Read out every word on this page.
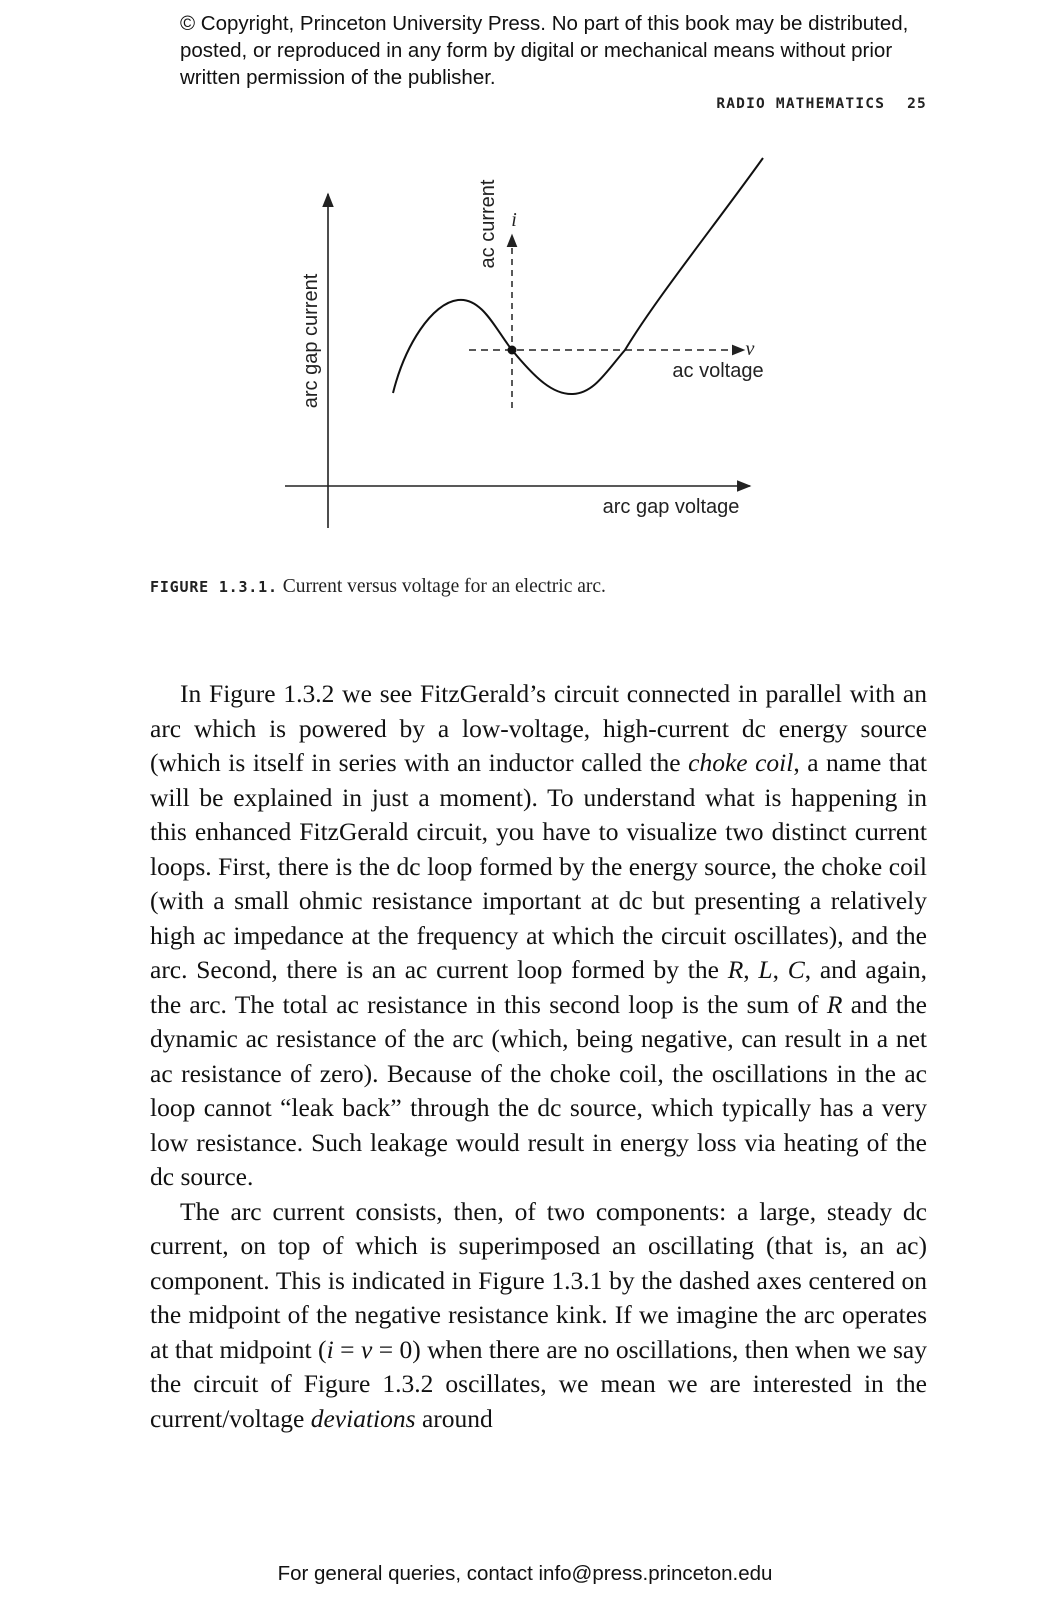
© Copyright, Princeton University Press. No part of this book may be distributed, posted, or reproduced in any form by digital or mechanical means without prior written permission of the publisher.
RADIO MATHEMATICS 25
arc gap current
arc gap voltage
ac current
ac voltage
i
v
FIGURE 1.3.1. Current versus voltage for an electric arc.

In Figure 1.3.2 we see FitzGerald’s circuit connected in parallel with an arc which is powered by a low-voltage, high-current dc energy source (which is itself in series with an inductor called the choke coil, a name that will be explained in just a moment). To understand what is happening in this enhanced FitzGerald circuit, you have to visualize two distinct current loops. First, there is the dc loop formed by the energy source, the choke coil (with a small ohmic resistance important at dc but presenting a relatively high ac impedance at the frequency at which the circuit oscillates), and the arc. Second, there is an ac current loop formed by the R, L, C, and again, the arc. The total ac resistance in this second loop is the sum of R and the dynamic ac resistance of the arc (which, being negative, can result in a net ac resistance of zero). Because of the choke coil, the oscillations in the ac loop cannot “leak back” through the dc source, which typically has a very low resistance. Such leakage would result in energy loss via heating of the dc source.

The arc current consists, then, of two components: a large, steady dc current, on top of which is superimposed an oscillating (that is, an ac) component. This is indicated in Figure 1.3.1 by the dashed axes centered on the midpoint of the negative resistance kink. If we imagine the arc operates at that midpoint (i = v = 0) when there are no oscillations, then when we say the circuit of Figure 1.3.2 oscillates, we mean we are interested in the current/voltage deviations around

For general queries, contact info@press.princeton.edu
